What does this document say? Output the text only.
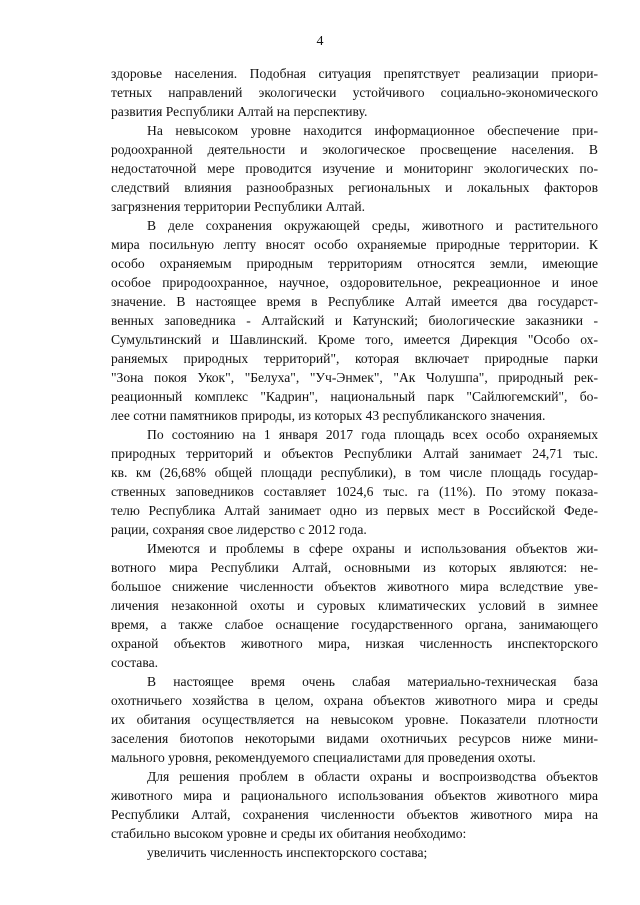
4

здоровье населения. Подобная ситуация препятствует реализации приори-
тетных направлений экологически устойчивого социально-экономического
развития Республики Алтай на перспективу.

На невысоком уровне находится информационное обеспечение при-
родоохранной деятельности и экологическое просвещение населения. В
недостаточной мере проводится изучение и мониторинг экологических по-
следствий влияния разнообразных региональных и локальных факторов
загрязнения территории Республики Алтай.

В деле сохранения окружающей среды, животного и растительного
мира посильную лепту вносят особо охраняемые природные территории. К
особо охраняемым природным территориям относятся земли, имеющие
особое природоохранное, научное, оздоровительное, рекреационное и иное
значение. В настоящее время в Республике Алтай имеется два государст-
венных заповедника - Алтайский и Катунский; биологические заказники -
Сумультинский и Шавлинский. Кроме того, имеется Дирекция "Особо ох-
раняемых природных территорий", которая включает природные парки
"Зона покоя Укок", "Белуха", "Уч-Энмек", "Ак Чолушпа", природный рек-
реационный комплекс "Кадрин", национальный парк "Сайлюгемский", бо-
лее сотни памятников природы, из которых 43 республиканского значения.

По состоянию на 1 января 2017 года площадь всех особо охраняемых
природных территорий и объектов Республики Алтай занимает 24,71 тыс.
кв. км (26,68% общей площади республики), в том числе площадь государ-
ственных заповедников составляет 1024,6 тыс. га (11%). По этому показа-
телю Республика Алтай занимает одно из первых мест в Российской Феде-
рации, сохраняя свое лидерство с 2012 года.

Имеются и проблемы в сфере охраны и использования объектов жи-
вотного мира Республики Алтай, основными из которых являются: не-
большое снижение численности объектов животного мира вследствие уве-
личения незаконной охоты и суровых климатических условий в зимнее
время, а также слабое оснащение государственного органа, занимающего
охраной объектов животного мира, низкая численность инспекторского
состава.

В настоящее время очень слабая материально-техническая база
охотничьего хозяйства в целом, охрана объектов животного мира и среды
их обитания осуществляется на невысоком уровне. Показатели плотности
заселения биотопов некоторыми видами охотничьих ресурсов ниже мини-
мального уровня, рекомендуемого специалистами для проведения охоты.

Для решения проблем в области охраны и воспроизводства объектов
животного мира и рационального использования объектов животного мира
Республики Алтай, сохранения численности объектов животного мира на
стабильно высоком уровне и среды их обитания необходимо:

увеличить численность инспекторского состава;
